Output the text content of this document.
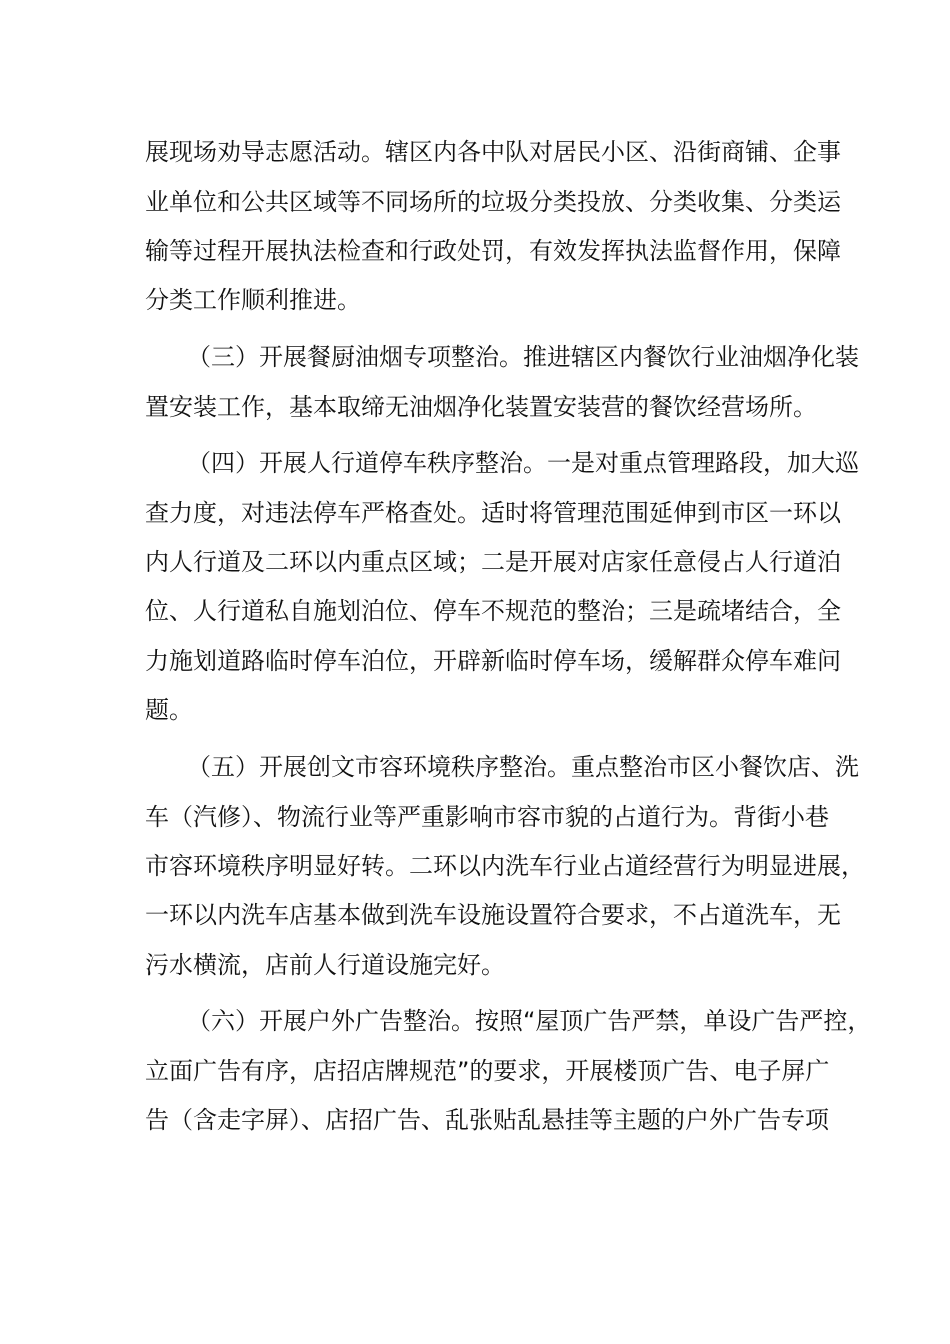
展现场劝导志愿活动。辖区内各中队对居民小区、沿街商铺、企事

业单位和公共区域等不同场所的垃圾分类投放、分类收集、分类运

输等过程开展执法检查和行政处罚，有效发挥执法监督作用，保障

分类工作顺利推进。

（三）开展餐厨油烟专项整治。推进辖区内餐饮行业油烟净化装

置安装工作，基本取缔无油烟净化装置安装营的餐饮经营场所。

（四）开展人行道停车秩序整治。一是对重点管理路段，加大巡

查力度，对违法停车严格查处。适时将管理范围延伸到市区一环以

内人行道及二环以内重点区域；二是开展对店家任意侵占人行道泊

位、人行道私自施划泊位、停车不规范的整治；三是疏堵结合，全

力施划道路临时停车泊位，开辟新临时停车场，缓解群众停车难问

题。

（五）开展创文市容环境秩序整治。重点整治市区小餐饮店、洗

车（汽修）、物流行业等严重影响市容市貌的占道行为。背街小巷

市容环境秩序明显好转。二环以内洗车行业占道经营行为明显进展，

一环以内洗车店基本做到洗车设施设置符合要求，不占道洗车，无

污水横流，店前人行道设施完好。

（六）开展户外广告整治。按照“屋顶广告严禁，单设广告严控，

立面广告有序，店招店牌规范”的要求，开展楼顶广告、电子屏广

告（含走字屏）、店招广告、乱张贴乱悬挂等主题的户外广告专项
